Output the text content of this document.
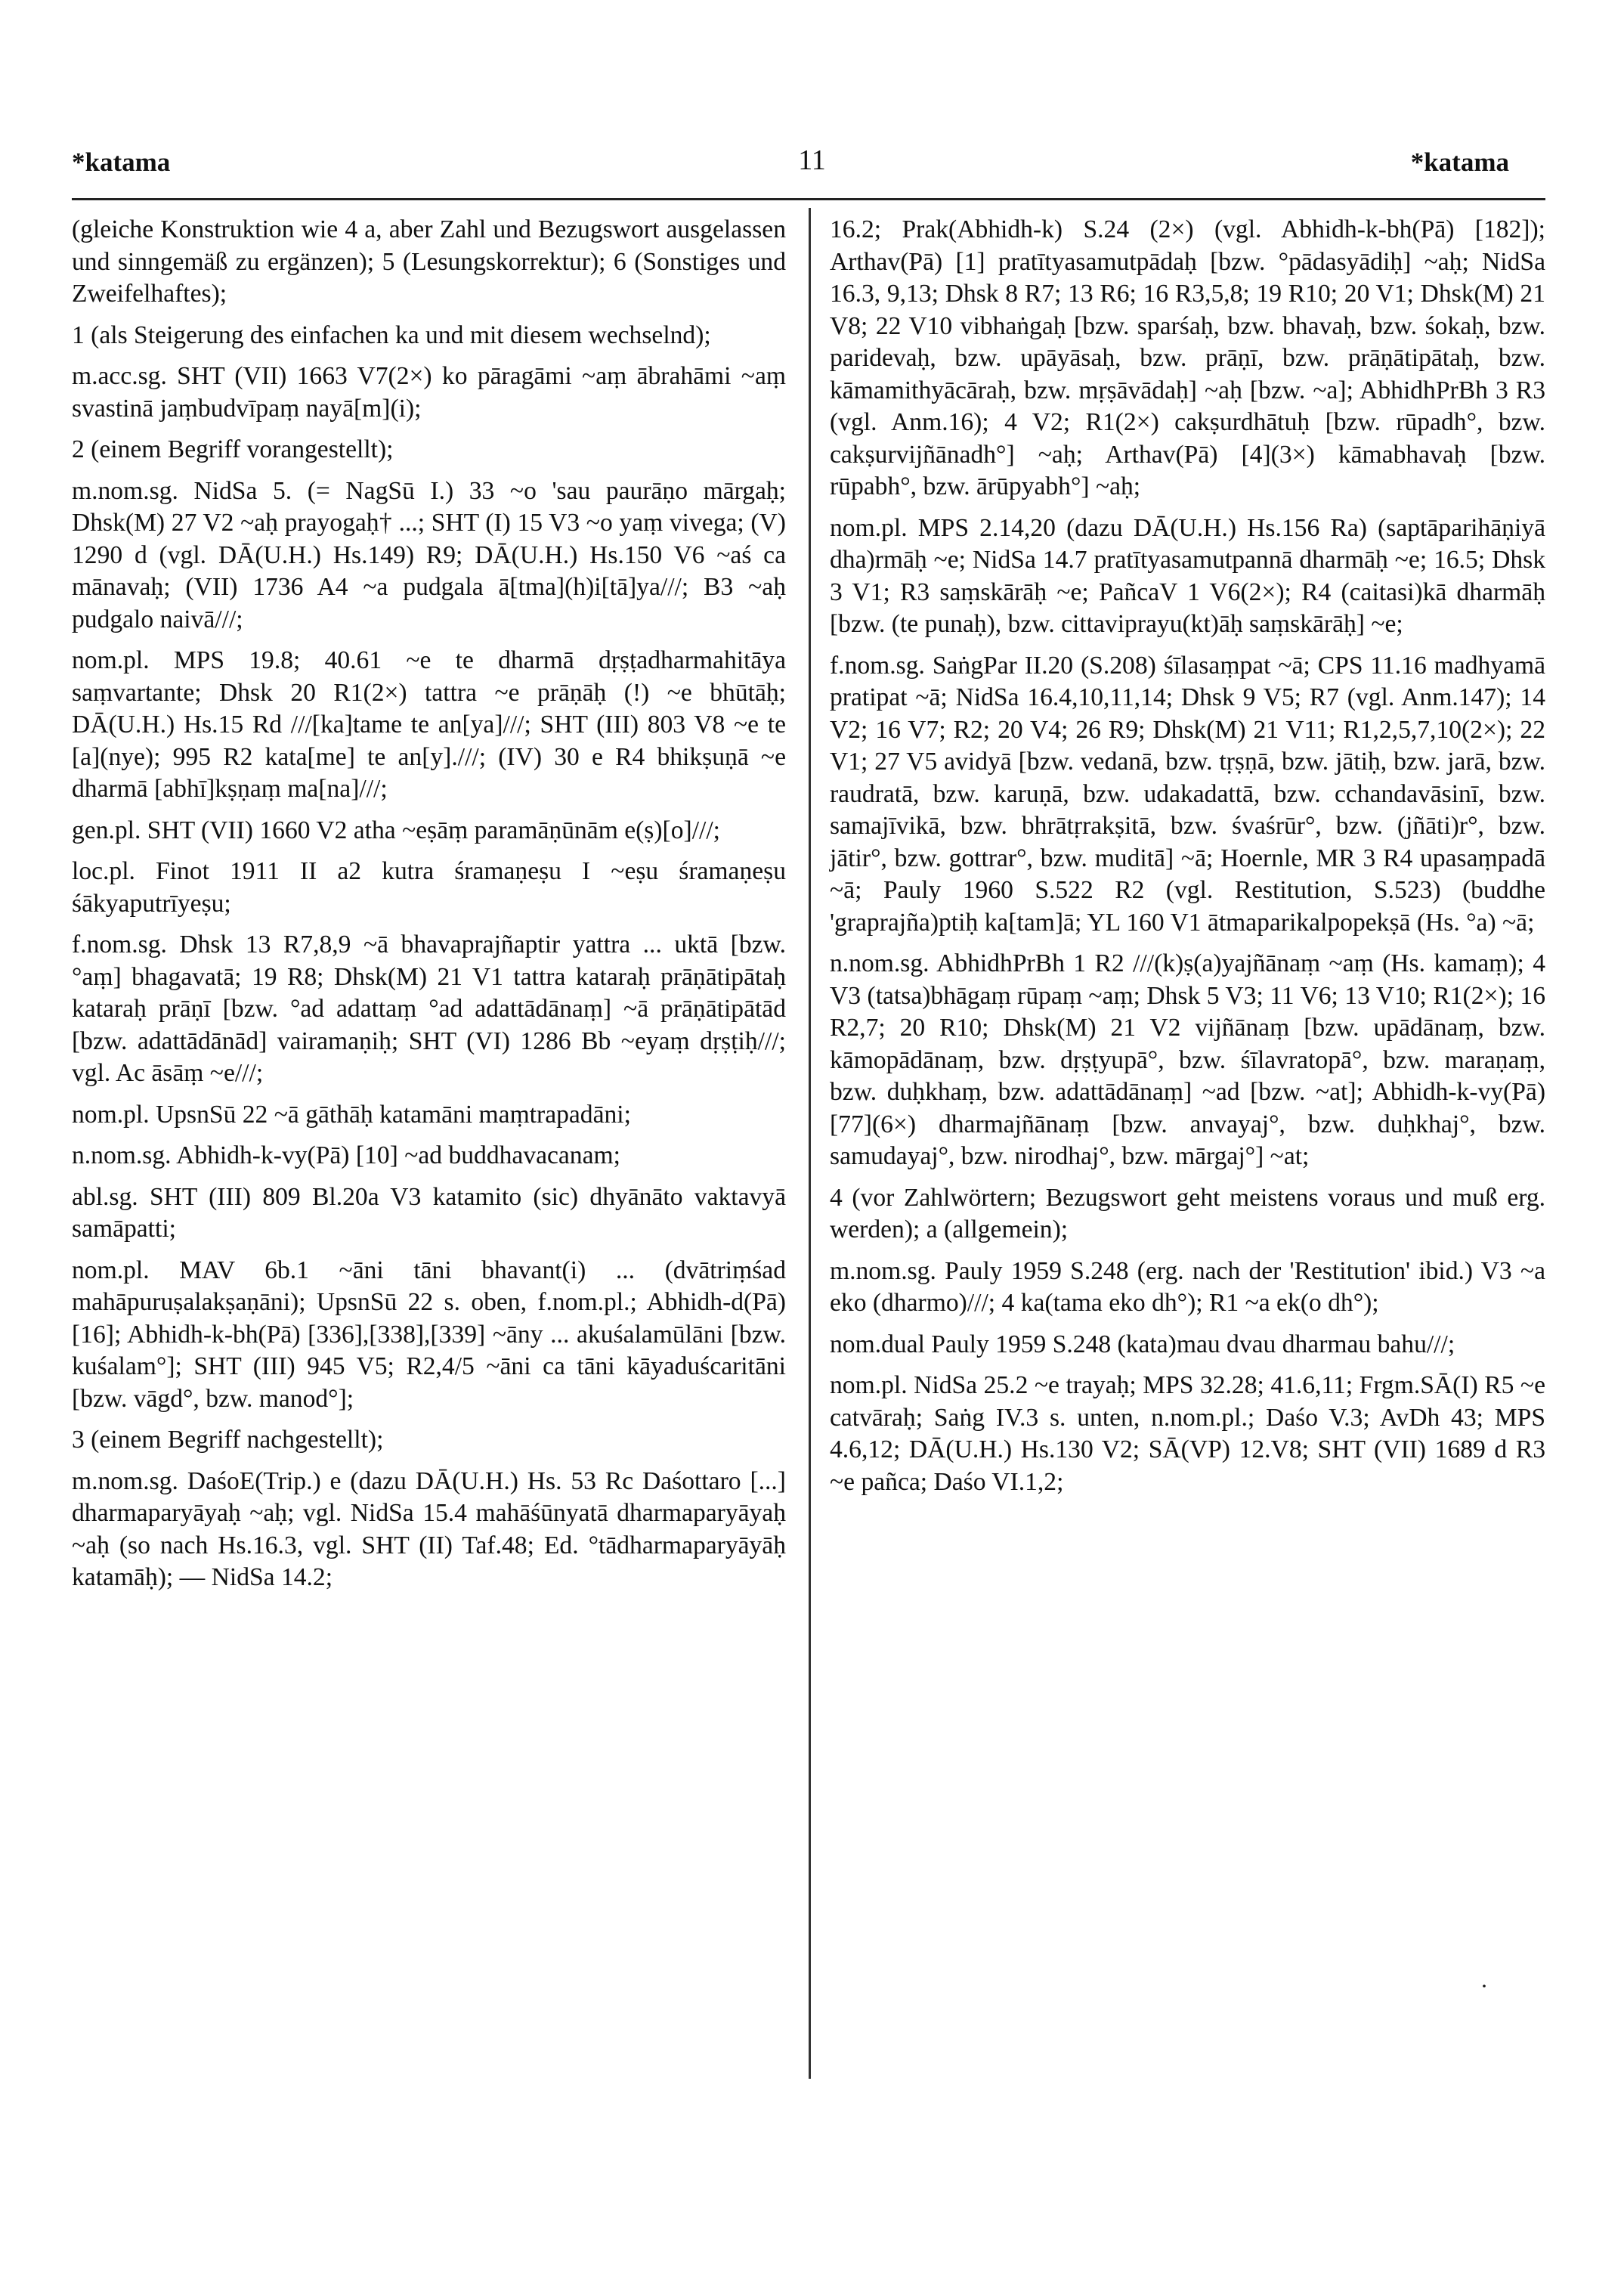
*katama	11	*katama

(gleiche Konstruktion wie 4 a, aber Zahl und Bezugswort ausgelassen und sinngemäß zu ergänzen); 5 (Lesungskorrektur); 6 (Sonstiges und Zweifelhaftes);

1 (als Steigerung des einfachen ka und mit diesem wechselnd);

m.acc.sg. SHT (VII) 1663 V7(2×) ko pāragāmi ~aṃ ābrahāmi ~aṃ svastinā jaṃbudvīpaṃ nayā[m](i);

2 (einem Begriff vorangestellt);

m.nom.sg. NidSa 5. (= NagSū I.) 33 ~o 'sau paurāṇo mārgaḥ; Dhsk(M) 27 V2 ~aḥ prayogaḥ† ...; SHT (I) 15 V3 ~o yaṃ vivega; (V) 1290 d (vgl. DĀ(U.H.) Hs.149) R9; DĀ(U.H.) Hs.150 V6 ~aś ca mānavaḥ; (VII) 1736 A4 ~a pudgala ā[tma](h)i[tā]ya///; B3 ~aḥ pudgalo naivā///;

nom.pl. MPS 19.8; 40.61 ~e te dharmā dṛṣṭadharmahitāya saṃvartante; Dhsk 20 R1(2×) tattra ~e prāṇāḥ (!) ~e bhūtāḥ; DĀ(U.H.) Hs.15 Rd ///[ka]tame te an[ya]///; SHT (III) 803 V8 ~e te [a](nye); 995 R2 kata[me] te an[y].///; (IV) 30 e R4 bhikṣuṇā ~e dharmā [abhī]kṣṇaṃ ma[na]///;

gen.pl. SHT (VII) 1660 V2 atha ~eṣāṃ paramāṇūnām e(ṣ)[o]///;

loc.pl. Finot 1911 II a2 kutra śramaṇeṣu I ~eṣu śramaṇeṣu śākyaputrīyeṣu;

f.nom.sg. Dhsk 13 R7,8,9 ~ā bhavaprajñaptir yattra ... uktā [bzw. °aṃ] bhagavatā; 19 R8; Dhsk(M) 21 V1 tattra kataraḥ prāṇātipātaḥ kataraḥ prāṇī [bzw. °ad adattaṃ °ad adattādānaṃ] ~ā prāṇātipātād [bzw. adattādānād] vairamaṇiḥ; SHT (VI) 1286 Bb ~eyaṃ dṛṣṭiḥ///; vgl. Ac āsāṃ ~e///;

nom.pl. UpsnSū 22 ~ā gāthāḥ katamāni maṃtrapadāni;

n.nom.sg. Abhidh-k-vy(Pā) [10] ~ad buddhavacanam;

abl.sg. SHT (III) 809 Bl.20a V3 katamito (sic) dhyānāto vaktavyā samāpatti;

nom.pl. MAV 6b.1 ~āni tāni bhavant(i) ... (dvātriṃśad mahāpuruṣalakṣaṇāni); UpsnSū 22 s. oben, f.nom.pl.; Abhidh-d(Pā) [16]; Abhidh-k-bh(Pā) [336],[338],[339] ~āny ... akuśalamūlāni [bzw. kuśalam°]; SHT (III) 945 V5; R2,4/5 ~āni ca tāni kāyaduścaritāni [bzw. vāgd°, bzw. manod°];

3 (einem Begriff nachgestellt);

m.nom.sg. DaśoE(Trip.) e (dazu DĀ(U.H.) Hs. 53 Rc Daśottaro [...] dharmaparyāyaḥ ~aḥ; vgl. NidSa 15.4 mahāśūnyatā dharmaparyāyaḥ ~aḥ (so nach Hs.16.3, vgl. SHT (II) Taf.48; Ed. °tādharmaparyāyāḥ katamāḥ); — NidSa 14.2;

16.2; Prak(Abhidh-k) S.24 (2×) (vgl. Abhidh-k-bh(Pā) [182]); Arthav(Pā) [1] pratītyasamutpādaḥ [bzw. °pādasyādiḥ] ~aḥ; NidSa 16.3, 9,13; Dhsk 8 R7; 13 R6; 16 R3,5,8; 19 R10; 20 V1; Dhsk(M) 21 V8; 22 V10 vibhaṅgaḥ [bzw. sparśaḥ, bzw. bhavaḥ, bzw. śokaḥ, bzw. paridevaḥ, bzw. upāyāsaḥ, bzw. prāṇī, bzw. prāṇātipātaḥ, bzw. kāmamithyācāraḥ, bzw. mṛṣāvādaḥ] ~aḥ [bzw. ~a]; AbhidhPrBh 3 R3 (vgl. Anm.16); 4 V2; R1(2×) cakṣurdhātuḥ [bzw. rūpadh°, bzw. cakṣurvijñānadh°] ~aḥ; Arthav(Pā) [4](3×) kāmabhavaḥ [bzw. rūpabh°, bzw. ārūpyabh°] ~aḥ;

nom.pl. MPS 2.14,20 (dazu DĀ(U.H.) Hs.156 Ra) (saptāparihāṇiyā dha)rmāḥ ~e; NidSa 14.7 pratītyasamutpannā dharmāḥ ~e; 16.5; Dhsk 3 V1; R3 saṃskārāḥ ~e; PañcaV 1 V6(2×); R4 (caitasi)kā dharmāḥ [bzw. (te punaḥ), bzw. cittaviprayu(kt)āḥ saṃskārāḥ] ~e;

f.nom.sg. SaṅgPar II.20 (S.208) śīlasaṃpat ~ā; CPS 11.16 madhyamā pratipat ~ā; NidSa 16.4,10,11,14; Dhsk 9 V5; R7 (vgl. Anm.147); 14 V2; 16 V7; R2; 20 V4; 26 R9; Dhsk(M) 21 V11; R1,2,5,7,10(2×); 22 V1; 27 V5 avidyā [bzw. vedanā, bzw. tṛṣṇā, bzw. jātiḥ, bzw. jarā, bzw. raudratā, bzw. karuṇā, bzw. udakadattā, bzw. cchandavāsinī, bzw. samajīvikā, bzw. bhrātṛrakṣitā, bzw. śvaśrūr°, bzw. (jñāti)r°, bzw. jātir°, bzw. gottrar°, bzw. muditā] ~ā; Hoernle, MR 3 R4 upasaṃpadā ~ā; Pauly 1960 S.522 R2 (vgl. Restitution, S.523) (buddhe 'graprajña)ptiḥ ka[tam]ā; YL 160 V1 ātmaparikalpopekṣā (Hs. °a) ~ā;

n.nom.sg. AbhidhPrBh 1 R2 ///(k)ṣ(a)yajñānaṃ ~aṃ (Hs. kamaṃ); 4 V3 (tatsa)bhāgaṃ rūpaṃ ~aṃ; Dhsk 5 V3; 11 V6; 13 V10; R1(2×); 16 R2,7; 20 R10; Dhsk(M) 21 V2 vijñānaṃ [bzw. upādānaṃ, bzw. kāmopādānaṃ, bzw. dṛṣṭyupā°, bzw. śīlavratopā°, bzw. maraṇaṃ, bzw. duḥkhaṃ, bzw. adattādānaṃ] ~ad [bzw. ~at]; Abhidh-k-vy(Pā) [77](6×) dharmajñānaṃ [bzw. anvayaj°, bzw. duḥkhaj°, bzw. samudayaj°, bzw. nirodhaj°, bzw. mārgaj°] ~at;

4 (vor Zahlwörtern; Bezugswort geht meistens voraus und muß erg. werden); a (allgemein);

m.nom.sg. Pauly 1959 S.248 (erg. nach der 'Restitution' ibid.) V3 ~a eko (dharmo)///; 4 ka(tama eko dh°); R1 ~a ek(o dh°);

nom.dual Pauly 1959 S.248 (kata)mau dvau dharmau bahu///;

nom.pl. NidSa 25.2 ~e trayaḥ; MPS 32.28; 41.6,11; Frgm.SĀ(I) R5 ~e catvāraḥ; Saṅg IV.3 s. unten, n.nom.pl.; Daśo V.3; AvDh 43; MPS 4.6,12; DĀ(U.H.) Hs.130 V2; SĀ(VP) 12.V8; SHT (VII) 1689 d R3 ~e pañca; Daśo VI.1,2;

.
